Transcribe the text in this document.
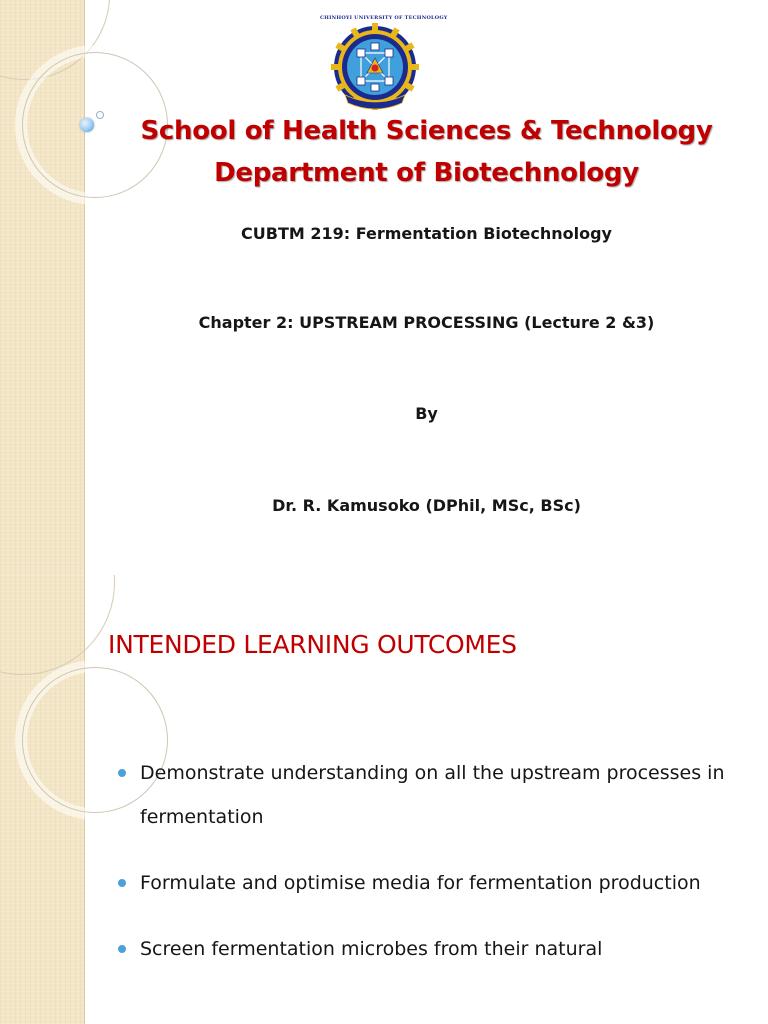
CHINHOYI UNIVERSITY OF TECHNOLOGY
School of Health Sciences & Technology
Department of Biotechnology
CUBTM 219: Fermentation Biotechnology
Chapter 2: UPSTREAM PROCESSING (Lecture 2 &3)
By
Dr. R. Kamusoko (DPhil, MSc, BSc)
INTENDED LEARNING OUTCOMES
Demonstrate understanding on all the upstream processes in fermentation
Formulate and optimise media for fermentation production
Screen fermentation microbes from their natural
